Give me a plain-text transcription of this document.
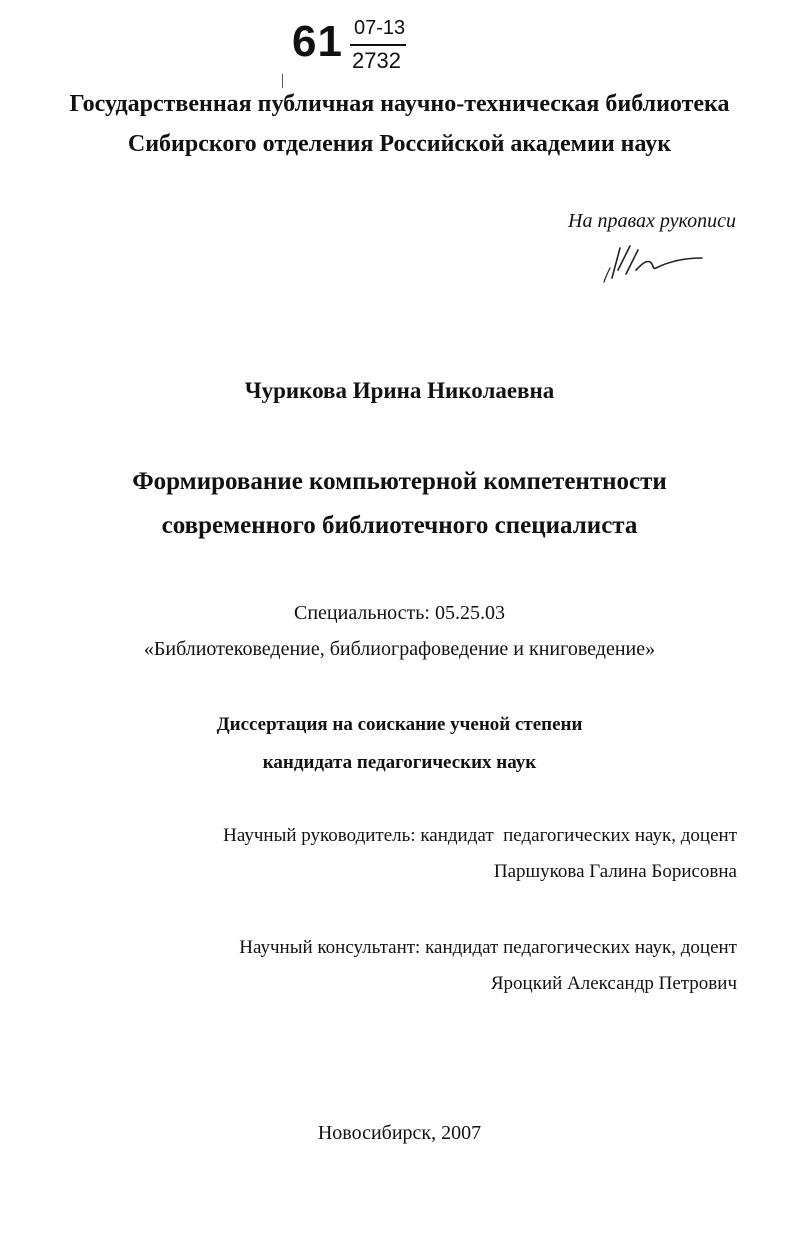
61 07-13
2732
Государственная публичная научно-техническая библиотека
Сибирского отделения Российской академии наук
На правах рукописи
Чурикова Ирина Николаевна
Формирование компьютерной компетентности
современного библиотечного специалиста
Специальность: 05.25.03
«Библиотековедение, библиографоведение и книговедение»
Диссертация на соискание ученой степени
кандидата педагогических наук
Научный руководитель: кандидат  педагогических наук, доцент
Паршукова Галина Борисовна
Научный консультант: кандидат педагогических наук, доцент
Яроцкий Александр Петрович
Новосибирск, 2007
